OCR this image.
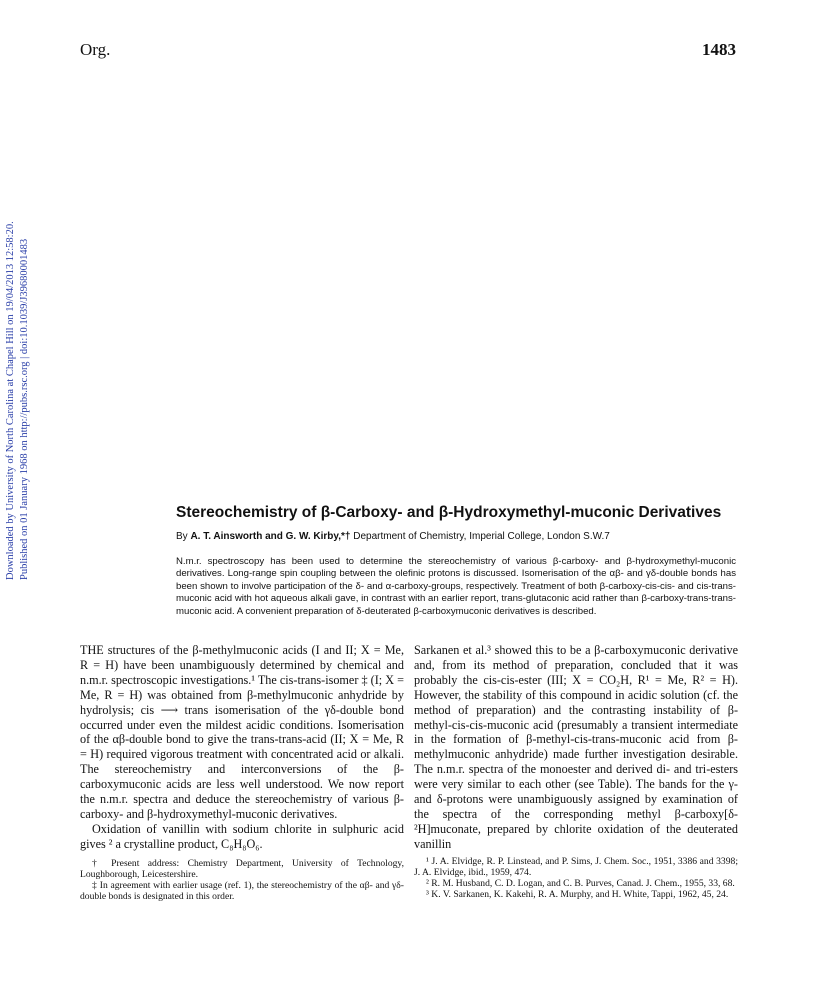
Org.	1483
Downloaded by University of North Carolina at Chapel Hill on 19/04/2013 12:58:20. Published on 01 January 1968 on http://pubs.rsc.org | doi:10.1039/J39680001483	Stereochemistry of β-Carboxy- and β-Hydroxymethyl-muconic Derivatives
By A. T. Ainsworth and G. W. Kirby,*† Department of Chemistry, Imperial College, London S.W.7
N.m.r. spectroscopy has been used to determine the stereochemistry of various β-carboxy- and β-hydroxymethyl-muconic derivatives. Long-range spin coupling between the olefinic protons is discussed. Isomerisation of the αβ- and γδ-double bonds has been shown to involve participation of the δ- and α-carboxy-groups, respectively. Treatment of both β-carboxy-cis-cis- and cis-trans-muconic acid with hot aqueous alkali gave, in contrast with an earlier report, trans-glutaconic acid rather than β-carboxy-trans-trans-muconic acid. A convenient preparation of δ-deuterated β-carboxymuconic derivatives is described.

THE structures of the β-methylmuconic acids (I and II; X = Me, R = H) have been unambiguously determined by chemical and n.m.r. spectroscopic investigations.¹ The cis-trans-isomer ‡ (I; X = Me, R = H) was obtained from β-methylmuconic anhydride by hydrolysis; cis ⟶ trans isomerisation of the γδ-double bond occurred under even the mildest acidic conditions. Isomerisation of the αβ-double bond to give the trans-trans-acid (II; X = Me, R = H) required vigorous treatment with concentrated acid or alkali. The stereochemistry and interconversions of the β-carboxymuconic acids are less well understood. We now report the n.m.r. spectra and deduce the stereochemistry of various β-carboxy- and β-hydroxymethyl-muconic derivatives.

Oxidation of vanillin with sodium chlorite in sulphuric acid gives ² a crystalline product, C₈H₈O₆.

† Present address: Chemistry Department, University of Technology, Loughborough, Leicestershire.

‡ In agreement with earlier usage (ref. 1), the stereochemistry of the αβ- and γδ-double bonds is designated in this order.

Sarkanen et al.³ showed this to be a β-carboxymuconic derivative and, from its method of preparation, concluded that it was probably the cis-cis-ester (III; X = CO₂H, R¹ = Me, R² = H). However, the stability of this compound in acidic solution (cf. the method of preparation) and the contrasting instability of β-methyl-cis-cis-muconic acid (presumably a transient intermediate in the formation of β-methyl-cis-trans-muconic acid from β-methylmuconic anhydride) made further investigation desirable. The n.m.r. spectra of the monoester and derived di- and tri-esters were very similar to each other (see Table). The bands for the γ- and δ-protons were unambiguously assigned by examination of the spectra of the corresponding methyl β-carboxy[δ-²H]muconate, prepared by chlorite oxidation of the deuterated vanillin

¹ J. A. Elvidge, R. P. Linstead, and P. Sims, J. Chem. Soc., 1951, 3386 and 3398; J. A. Elvidge, ibid., 1959, 474.

² R. M. Husband, C. D. Logan, and C. B. Purves, Canad. J. Chem., 1955, 33, 68.

³ K. V. Sarkanen, K. Kakehi, R. A. Murphy, and H. White, Tappi, 1962, 45, 24.
